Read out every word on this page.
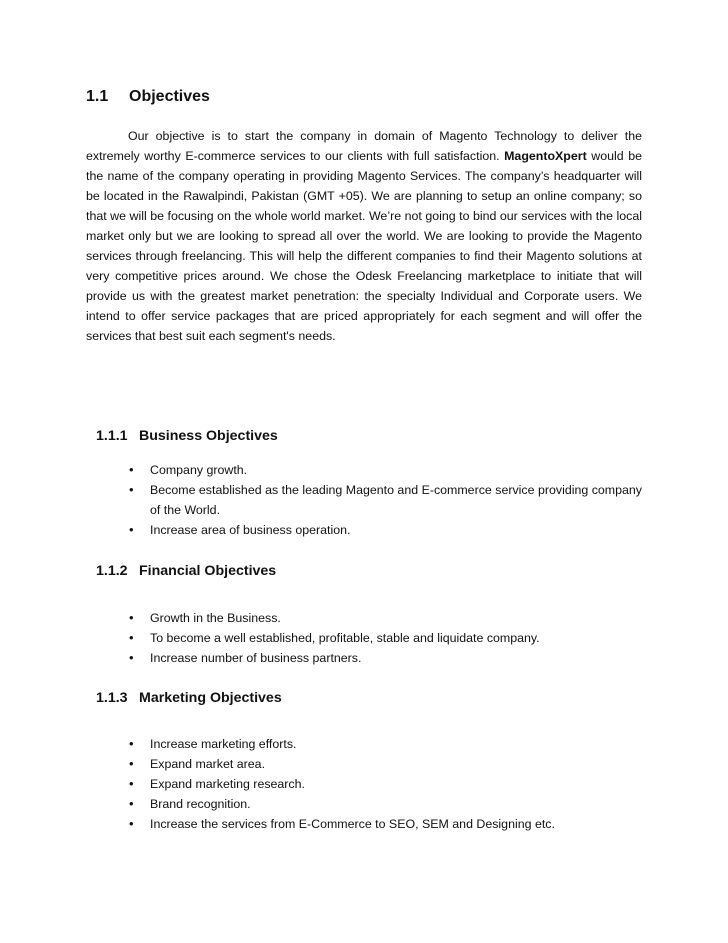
1.1 Objectives

Our objective is to start the company in domain of Magento Technology to deliver the extremely worthy E-commerce services to our clients with full satisfaction. MagentoXpert would be the name of the company operating in providing Magento Services. The company’s headquarter will be located in the Rawalpindi, Pakistan (GMT +05). We are planning to setup an online company; so that we will be focusing on the whole world market. We’re not going to bind our services with the local market only but we are looking to spread all over the world. We are looking to provide the Magento services through freelancing. This will help the different companies to find their Magento solutions at very competitive prices around. We chose the Odesk Freelancing marketplace to initiate that will provide us with the greatest market penetration: the specialty Individual and Corporate users. We intend to offer service packages that are priced appropriately for each segment and will offer the services that best suit each segment's needs.

1.1.1 Business Objectives
• Company growth.
• Become established as the leading Magento and E-commerce service providing company of the World.
• Increase area of business operation.
1.1.2 Financial Objectives
• Growth in the Business.
• To become a well established, profitable, stable and liquidate company.
• Increase number of business partners.
1.1.3 Marketing Objectives
• Increase marketing efforts.
• Expand market area.
• Expand marketing research.
• Brand recognition.
• Increase the services from E-Commerce to SEO, SEM and Designing etc.
